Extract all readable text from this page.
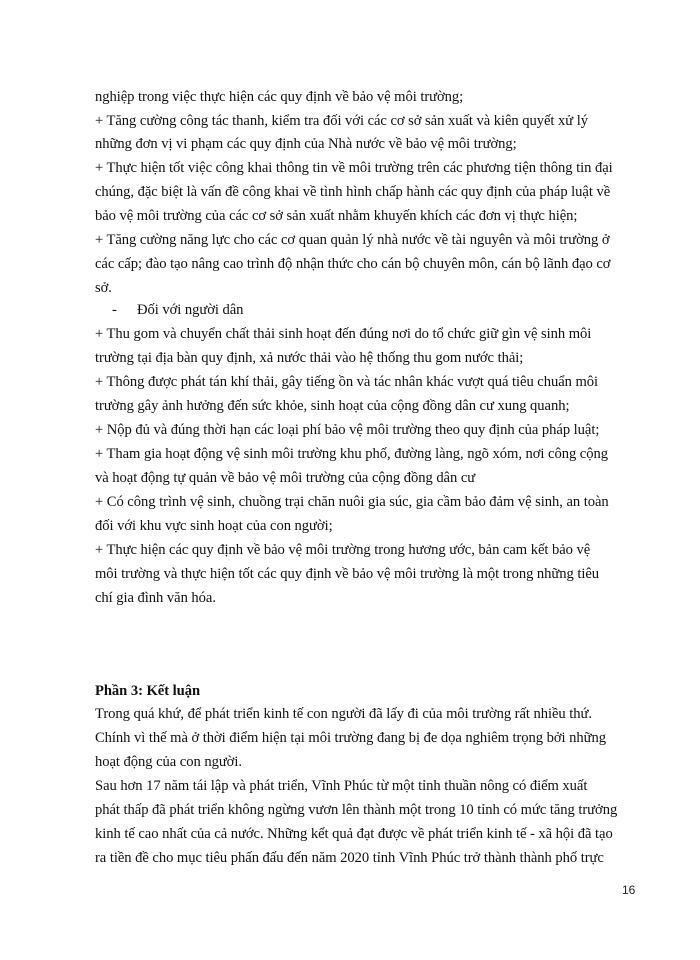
nghiệp trong việc thực hiện các quy định về bảo vệ môi trường;
+ Tăng cường công tác thanh, kiểm tra đối với các cơ sở sản xuất và kiên quyết xử lý
những đơn vị vi phạm các quy định của Nhà nước về bảo vệ môi trường;
+ Thực hiện tốt việc công khai thông tin về môi trường trên các phương tiện thông tin đại
chúng, đặc biệt là vấn đề công khai về tình hình chấp hành các quy định của pháp luật về
bảo vệ môi trường của các cơ sở sản xuất nhằm khuyến khích các đơn vị thực hiện;
+ Tăng cường năng lực cho các cơ quan quản lý nhà nước về tài nguyên và môi trường ở
các cấp; đào tạo nâng cao trình độ nhận thức cho cán bộ chuyên môn, cán bộ lãnh đạo cơ
sở.
- Đối với người dân
+ Thu gom và chuyển chất thải sinh hoạt đến đúng nơi do tổ chức giữ gìn vệ sinh môi
trường tại địa bàn quy định, xả nước thải vào hệ thống thu gom nước thải;
+ Thông được phát tán khí thải, gây tiếng ồn và tác nhân khác vượt quá tiêu chuẩn môi
trường gây ảnh hưởng đến sức khỏe, sinh hoạt của cộng đồng dân cư xung quanh;
+ Nộp đủ và đúng thời hạn các loại phí bảo vệ môi trường theo quy định của pháp luật;
+ Tham gia hoạt động vệ sinh môi trường khu phố, đường làng, ngõ xóm, nơi công cộng
và hoạt động tự quản về bảo vệ môi trường của cộng đồng dân cư
+ Có công trình vệ sinh, chuồng trại chăn nuôi gia súc, gia cầm bảo đảm vệ sinh, an toàn
đối với khu vực sinh hoạt của con người;
+ Thực hiện các quy định về bảo vệ môi trường trong hương ước, bản cam kết bảo vệ
môi trường và thực hiện tốt các quy định về bảo vệ môi trường là một trong những tiêu
chí gia đình văn hóa.
Phần 3: Kết luận
Trong quá khứ, để phát triển kinh tế con người đã lấy đi của môi trường rất nhiều thứ.
Chính vì thế mà ở thời điểm hiện tại môi trường đang bị đe dọa nghiêm trọng bởi những
hoạt động của con người.
Sau hơn 17 năm tái lập và phát triển, Vĩnh Phúc từ một tỉnh thuần nông có điểm xuất
phát thấp đã phát triển không ngừng vươn lên thành một trong 10 tỉnh có mức tăng trưởng
kinh tế cao nhất của cả nước. Những kết quả đạt được về phát triển kinh tế - xã hội đã tạo
ra tiền đề cho mục tiêu phấn đấu đến năm 2020 tỉnh Vĩnh Phúc trở thành thành phố trực
16
